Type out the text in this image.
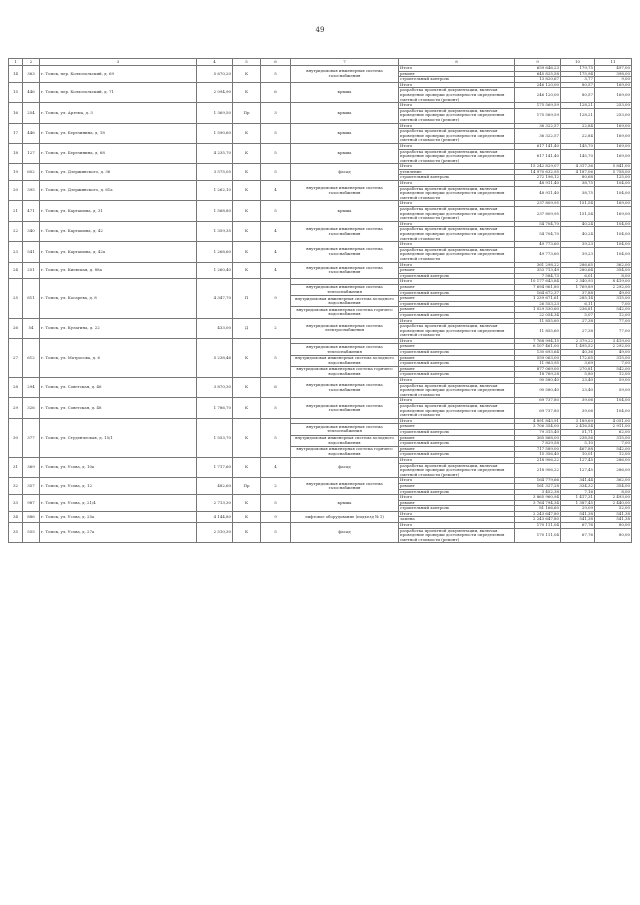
49
1	2	3	4	5	6	7	8	9	10	11
14	363	г. Томск, пер. Колхозольский, д. 69	5 670,20	К	5	внутридомовая инженерная система газоснабжения	Итого	659 646,23	179,75	497,00
							ремонт	645 825,58	175,94	398,00
							строительный контроль	13 820,67	3,77	9,00
15	446	г. Томск, пер. Колхозольский, д. 71	2 094,90	К	6	крыша	Итого	246 120,00	80,57	169,00
							разработка проектной документации, включая проведение проверки достоверности определения сметной стоимости (ремонт)	246 120,00	80,57	169,00
16	254	г. Томск, ул. Артема, д. 3	1 369,50	Пр	3	крыша	Итого	175 569,59	128,21	253,00
							разработка проектной документации, включая проведение проверки достоверности определения сметной стоимости (ремонт)	175 569,59	128,21	253,00
17	446	г. Томск, ул. Березинина, д. 18	1 590,60	К	5	крыша	Итого	36 322,57	22,84	169,00
							разработка проектной документации, включая проведение проверки достоверности определения сметной стоимости (ремонт)	36 322,57	22,84	169,00
18	127	г. Томск, ул. Березинина, д. 68	4 235,70	К	5	крыша	Итого	617 141,40	145,70	169,00
							разработка проектной документации, включая проведение проверки достоверности определения сметной стоимости (ремонт)	617 141,40	145,70	169,00
19	602	г. Томск, ул. Дзержинского, д. 36	3 575,05	К	5	фасад	Итого	15 242 829,07	4 317,36	5 841,00
							утепление	14 970 632,95	4 187,06	5 758,00
							строительный контроль	272 196,12	80,68	125,00
20	395	г. Томск, ул. Дзержинского, д. 61а	1 262,10	К	4	внутридомовая инженерная система газоснабжения	Итого	48 911,40	38,75	104,00
							разработка проектной документации, включая проведение проверки достоверности определения сметной стоимости	48 911,40	38,75	104,00
21	471	г. Томск, ул. Карташова, д. 31	1 568,80	К	5	крыша	Итого	237 809,95	151,54	169,00
							разработка проектной документации, включая проведение проверки достоверности определения сметной стоимости (ремонт)	237 809,95	151,54	169,00
22	340	г. Томск, ул. Карташова, д. 42	1 359,35	К	4	внутридомовая инженерная система газоснабжения	Итого	54 704,70	40,24	104,00
							разработка проектной документации, включая проведение проверки достоверности определения сметной стоимости	54 704,70	40,24	104,00
23	541	г. Томск, ул. Карташова, д. 42а	1 268,60	К	4	внутридомовая инженерная система газоснабжения	Итого	49 773,60	39,23	104,00
							разработка проектной документации, включая проведение проверки достоверности определения сметной стоимости	49 773,60	39,23	104,00
24	251	г. Томск, ул. Киевская, д. 88а	1 260,40	К	4	внутридомовая инженерная система газоснабжения	Итого	361 298,22	286,65	362,00
							ремонт	353 713,49	280,64	354,00
							строительный контроль	7 584,73	6,01	8,00
25	811	г. Томск, ул. Косарева, д. 8	4 347,70	П	9		Итого	10 177 643,84	2 340,93	8 419,00
						внутридомовая инженерная система теплоснабжения	ремонт	7 694 961,80	1 769,89	2 292,00
							строительный контроль	164 672,37	37,88	49,00
						внутридомовая инженерная система холодного водоснабжения	ремонт	1 239 671,61	285,14	315,00
							строительный контроль	26 553,23	6,11	7,00
						внутридомовая инженерная система горячего водоснабжения	ремонт	1 029 530,60	236,81	542,00
							строительный контроль	22 054,34	5,07	12,00
26	54	г. Томск, ул. Кулагина, д. 22	433,00	Д	2	внутридомовая инженерная система электроснабжения	Итого	11 855,60	27,38	77,00
							разработка проектной документации, включая проведение проверки достоверности определения сметной стоимости	11 855,60	27,38	77,00
27	612	г. Томск, ул. Матросова, д. 6	5 238,46	К	5		Итого	7 768 994,15	2 379,22	3 419,00
						внутридомовая инженерная система теплоснабжения	ремонт	6 107 461,00	1 495,52	2 292,00
							строительный контроль	130 693,64	40,36	49,00
						внутридомовая инженерная система холодного водоснабжения	ремонт	559 063,00	172,65	315,00
							строительный контроль	11 963,95	3,69	7,00
						внутридомовая инженерная система горячего водоснабжения	ремонт	877 069,00	270,81	542,00
							строительный контроль	18 769,28	5,80	12,00
28	294	г. Томск, ул. Советская, д. 46	3 870,30	К	6	внутридомовая инженерная система газоснабжения	Итого	90 580,40	23,40	59,00
							разработка проектной документации, включая проведение проверки достоверности определения сметной стоимости	90 580,40	23,40	59,00
29	326	г. Томск, ул. Советская, д. 48	1 786,70	К	5	внутридомовая инженерная система газоснабжения	Итого	69 737,80	39,06	104,00
							разработка проектной документации, включая проведение проверки достоверности определения сметной стоимости	69 737,80	39,06	104,00
30	377	г. Томск, ул. Студенческая, д. 15/1	1 553,70	К	5		Итого	4 891 843,91	3 189,69	4 051,00
						внутридомовая инженерная система теплоснабжения	ремонт	3 706 354,00	2 416,54	2 911,00
							строительный контроль	79 315,40	51,71	62,00
						внутридомовая инженерная система холодного водоснабжения	ремонт	365 868,00	238,56	315,00
							строительный контроль	7 829,58	5,10	7,00
						внутридомовая инженерная система горячего водоснабжения	ремонт	717 589,00	467,88	542,00
							строительный контроль	15 356,40	10,01	12,00
31	369	г. Томск, ул. Усова, д. 10а	1 717,60	К	4	фасад	Итого	218 906,22	127,45	286,00
							разработка проектной документации, включая проведение проверки достоверности определения сметной стоимости (ремонт)	218 906,22	127,45	286,00
32	357	г. Томск, ул. Усова, д. 12	482,60	Пр	2	внутридомовая инженерная система газоснабжения	Итого	164 779,66	341,44	362,00
							ремонт	161 327,28	334,32	354,00
							строительный контроль	3 452,38	7,16	8,00
33	987	г. Томск, ул. Усова, д. 21/4	2 713,30	К	5	крыша	Итого	3 865 960,94	1 417,31	2 493,00
							ремонт	3 764 794,34	1 387,45	2 440,00
							строительный контроль	81 166,60	29,09	52,00
34	886	г. Томск, ул. Усова, д. 25а	4 144,80	К	9	лифтовое оборудование (подъезд № 1)	Итого	2 243 647,80	541,38	541,38
							замена	2 243 647,80	541,38	541,38
35	555	г. Томск, ул. Усова, д. 27а	2 510,30	К	5	фасад	Итого	170 111,04	67,76	80,00
							разработка проектной документации, включая проведение проверки достоверности определения сметной стоимости (ремонт)	170 111,04	67,76	80,00
